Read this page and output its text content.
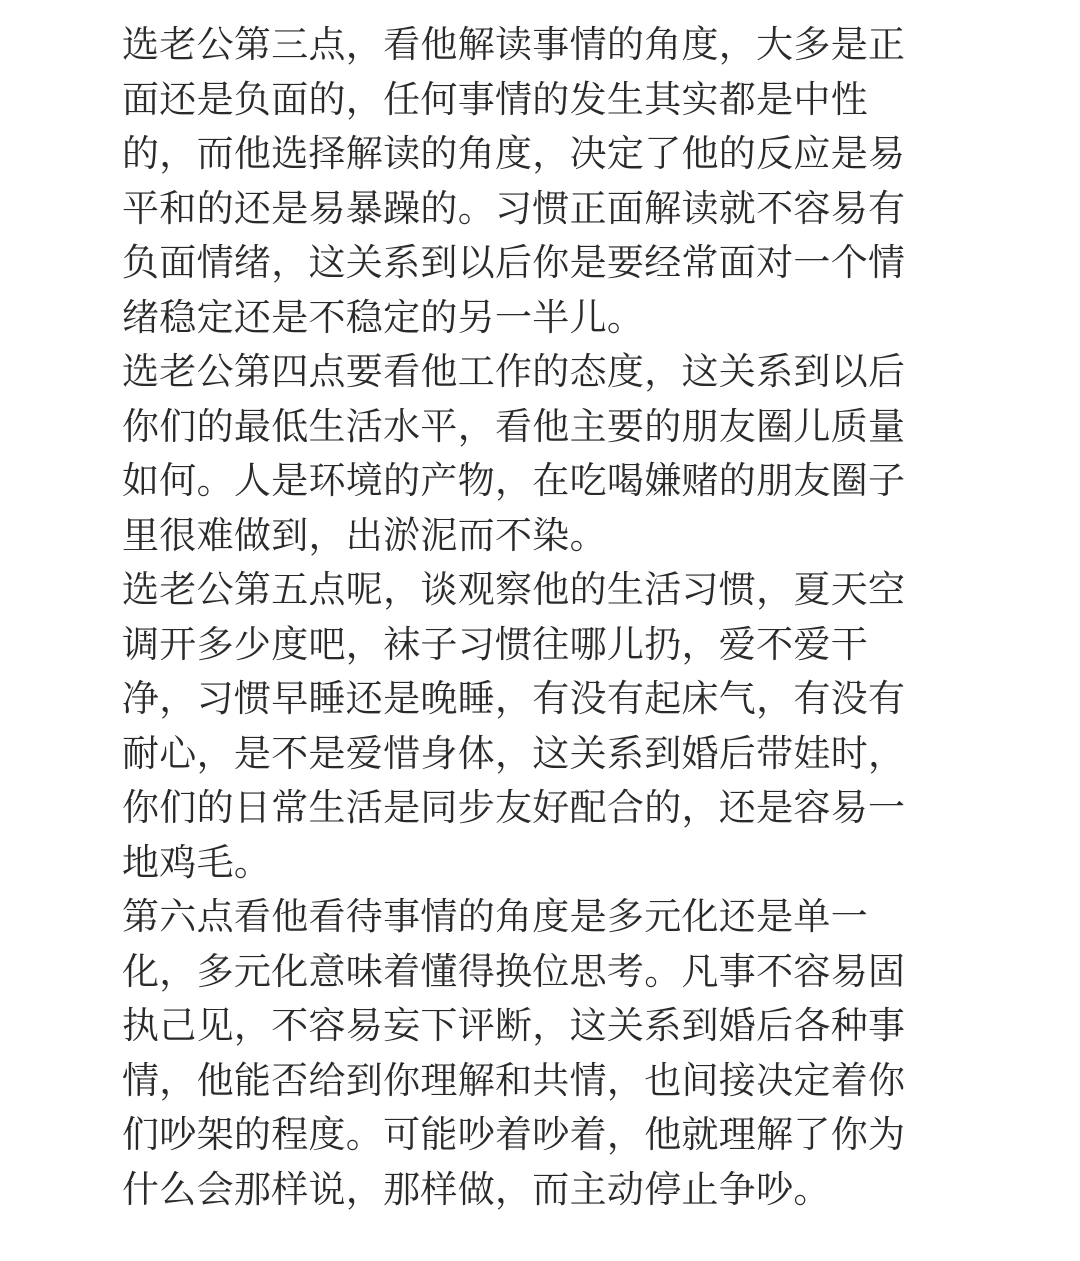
选老公第三点，看他解读事情的角度，大多是正
面还是负面的，任何事情的发生其实都是中性
的，而他选择解读的角度，决定了他的反应是易
平和的还是易暴躁的。习惯正面解读就不容易有
负面情绪，这关系到以后你是要经常面对一个情
绪稳定还是不稳定的另一半儿。
选老公第四点要看他工作的态度，这关系到以后
你们的最低生活水平，看他主要的朋友圈儿质量
如何。人是环境的产物，在吃喝嫌赌的朋友圈子
里很难做到，出淤泥而不染。
选老公第五点呢，谈观察他的生活习惯，夏天空
调开多少度吧，袜子习惯往哪儿扔，爱不爱干
净，习惯早睡还是晚睡，有没有起床气，有没有
耐心，是不是爱惜身体，这关系到婚后带娃时，
你们的日常生活是同步友好配合的，还是容易一
地鸡毛。
第六点看他看待事情的角度是多元化还是单一
化，多元化意味着懂得换位思考。凡事不容易固
执己见，不容易妄下评断，这关系到婚后各种事
情，他能否给到你理解和共情，也间接决定着你
们吵架的程度。可能吵着吵着，他就理解了你为
什么会那样说，那样做，而主动停止争吵。
